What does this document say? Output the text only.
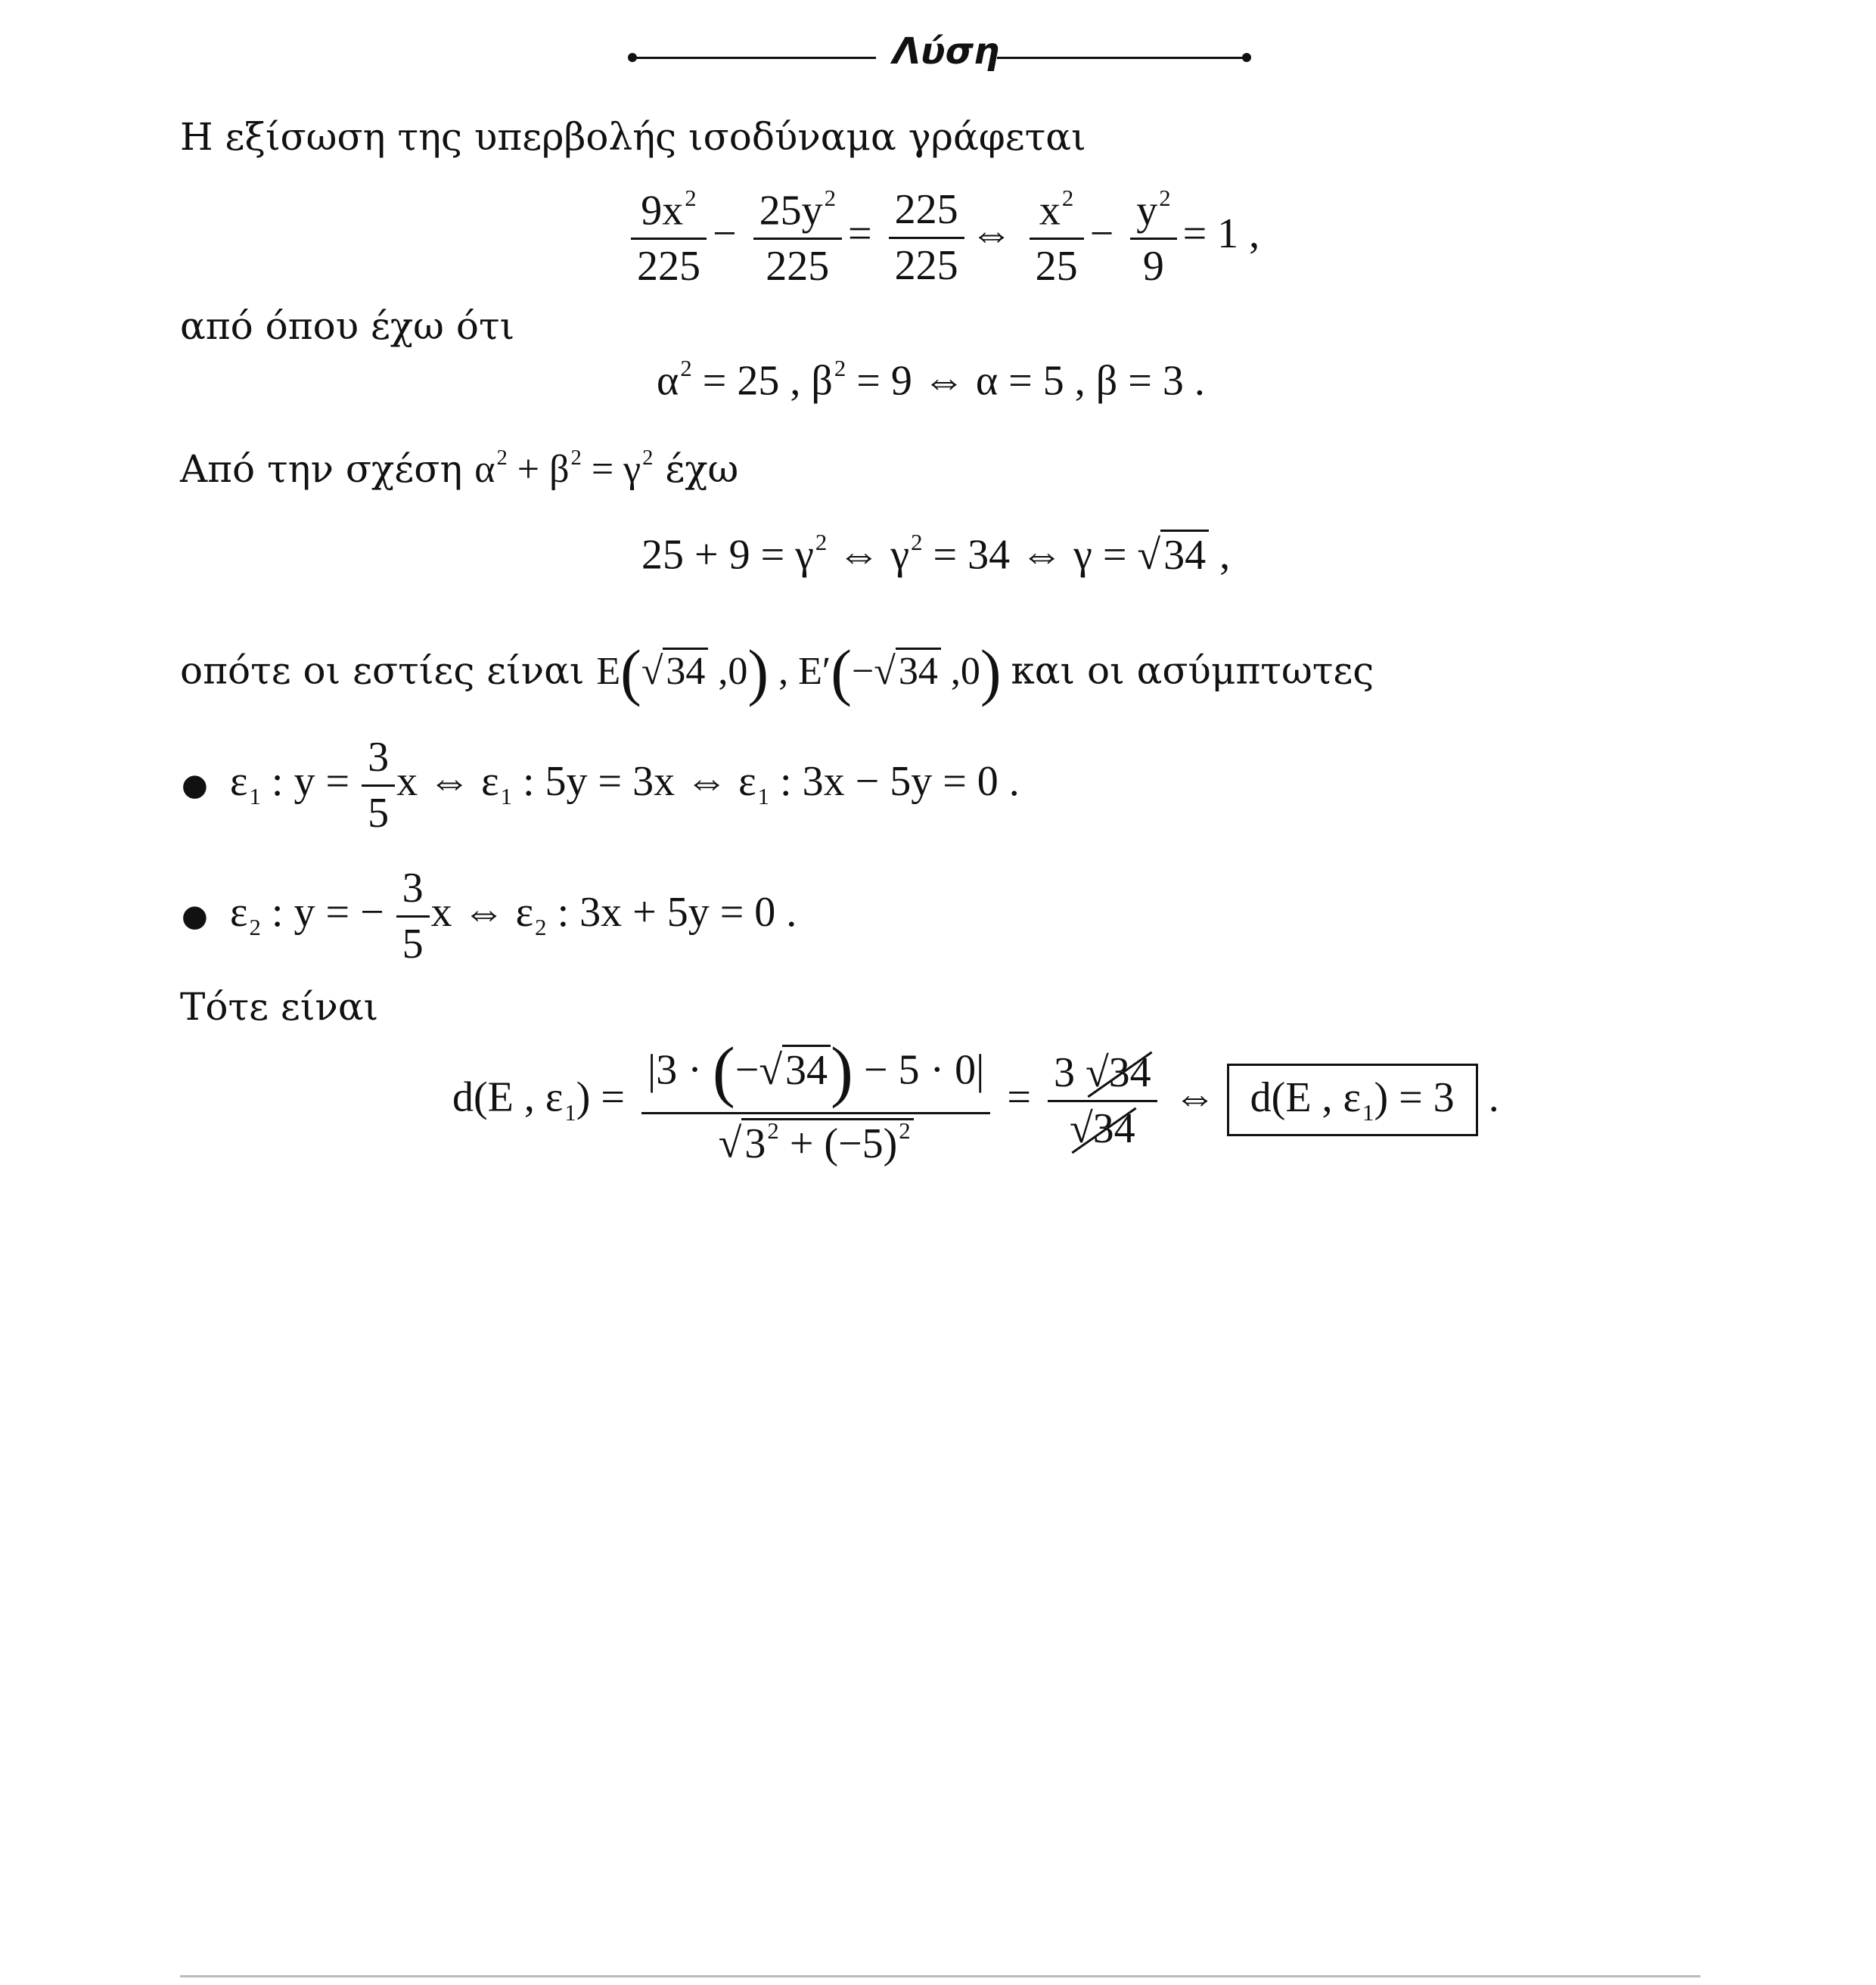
Λύση
Η εξίσωση της υπερβολής ισοδύναμα γράφεται
$\frac{9x^2}{225} - \frac{25y^2}{225} = \frac{225}{225}$ ⇔ $\frac{x^2}{25} - \frac{y^2}{9} = 1$ ,
από όπου έχω ότι
$\alpha^2 = 25$ , $\beta^2 = 9$ ⇔ α = 5 , β = 3 .
Από την σχέση $\alpha^2 + \beta^2 = \gamma^2$ έχω
$25 + 9 = \gamma^2$ ⇔ $\gamma^2 = 34$ ⇔ γ = √34 ,
οπότε οι εστίες είναι E(√34 ,0) , E′(−√34 ,0) και οι ασύμπτωτες
● $\varepsilon_1$ : $y = \frac{3}{5}$ x ⇔ $\varepsilon_1$ : 5y = 3x ⇔ $\varepsilon_1$ : 3x − 5y = 0 .
● $\varepsilon_2$ : y = − $\frac{3}{5}$ x ⇔ $\varepsilon_2$ : 3x + 5y = 0 .
Τότε είναι
d(E , $\varepsilon_1) = \frac{|3 \cdot (-√34) - 5 \cdot 0|}{√3^2 + (-5)^2} = \frac{3 √34}{√34}$ ⇔ d(E , $\varepsilon_1) = 3$ .
